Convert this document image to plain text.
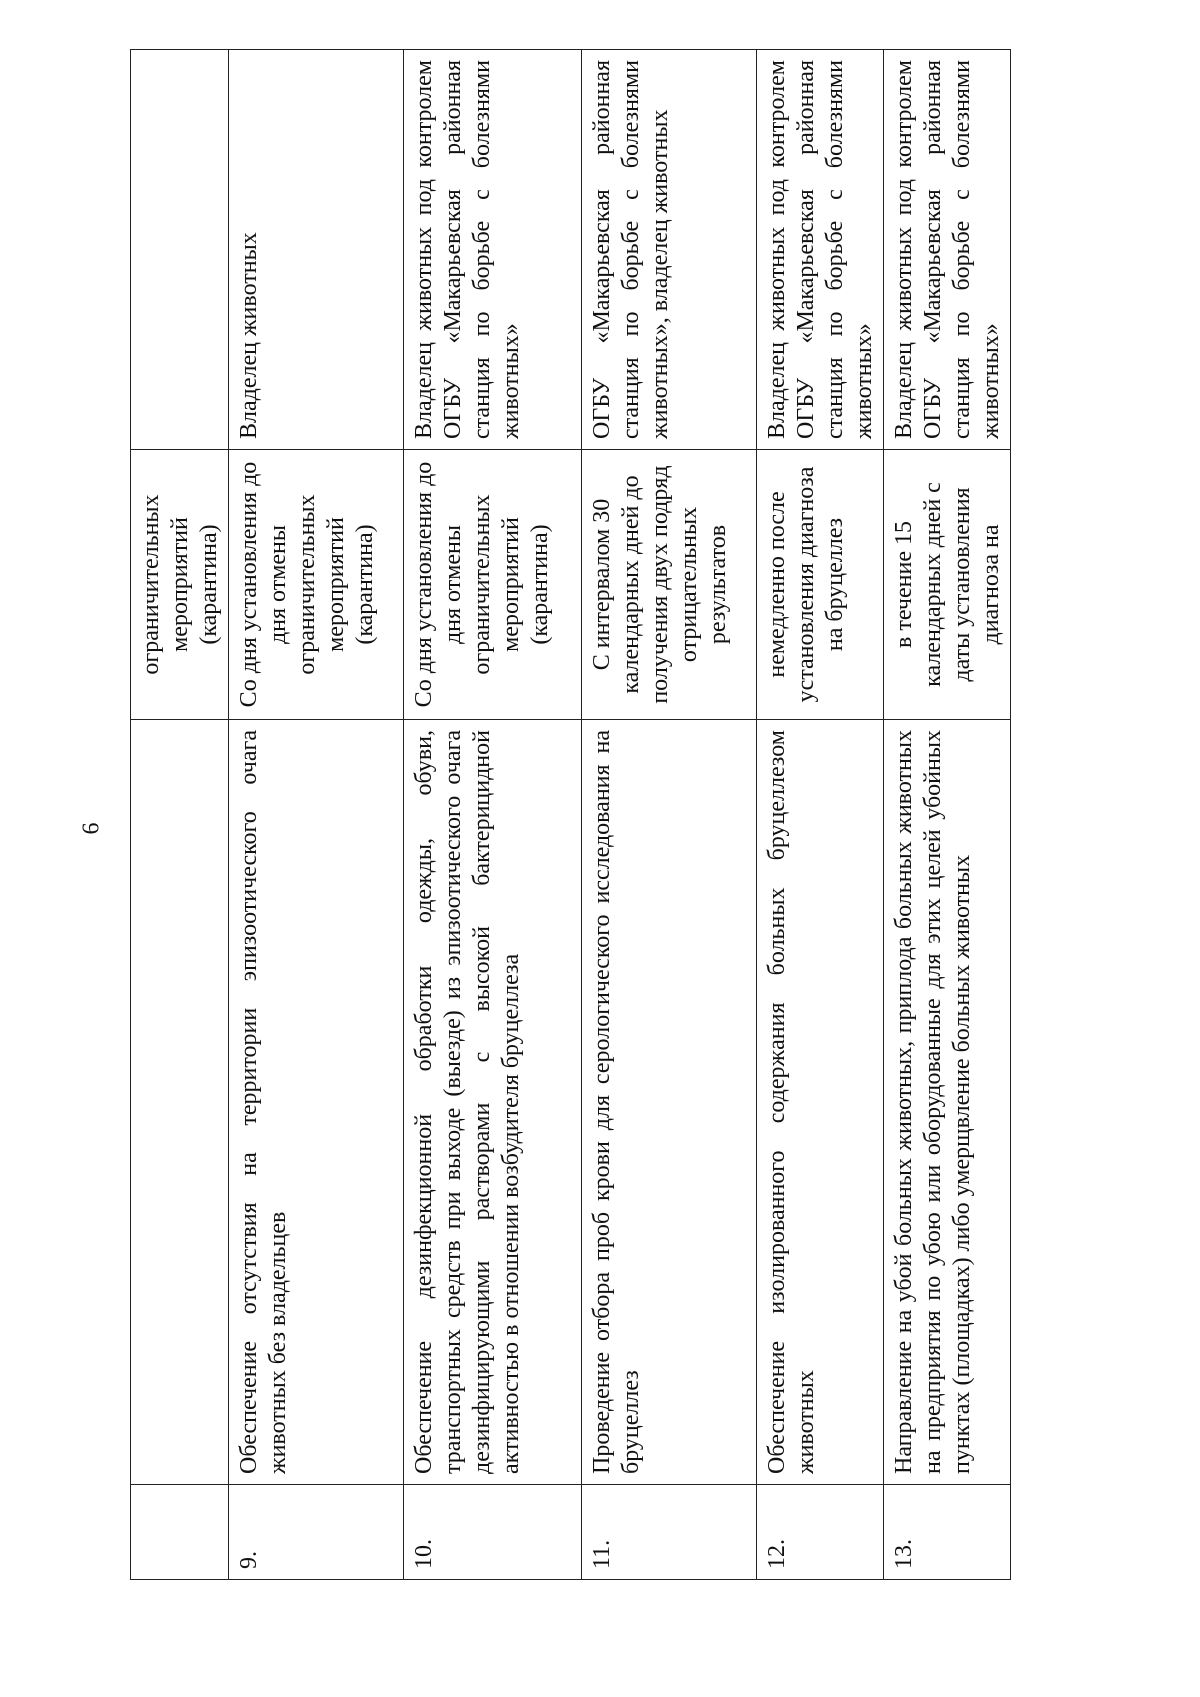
6
		ограничительных мероприятий (карантина)	
9.	Обеспечение отсутствия на территории эпизоотического очага животных без владельцев	Со дня установления до дня отмены ограничительных мероприятий (карантина)	Владелец животных
10.	Обеспечение дезинфекционной обработки одежды, обуви, транспортных средств при выходе (выезде) из эпизоотического очага дезинфицирующими растворами с высокой бактерицидной активностью в отношении возбудителя бруцеллеза	Со дня установления до дня отмены ограничительных мероприятий (карантина)	Владелец животных под контролем ОГБУ «Макарьевская районная станция по борьбе с болезнями животных»
11.	Проведение отбора проб крови для серологического исследования на бруцеллез	С интервалом 30 календарных дней до получения двух подряд отрицательных результатов	ОГБУ «Макарьевская районная станция по борьбе с болезнями животных», владелец животных
12.	Обеспечение изолированного содержания больных бруцеллезом животных	немедленно после установления диагноза на бруцеллез	Владелец животных под контролем ОГБУ «Макарьевская районная станция по борьбе с болезнями животных»
13.	Направление на убой больных животных, приплода больных животных на предприятия по убою или оборудованные для этих целей убойных пунктах (площадках) либо умерщвление больных животных	в течение 15 календарных дней с даты установления диагноза на	Владелец животных под контролем ОГБУ «Макарьевская районная станция по борьбе с болезнями животных»
